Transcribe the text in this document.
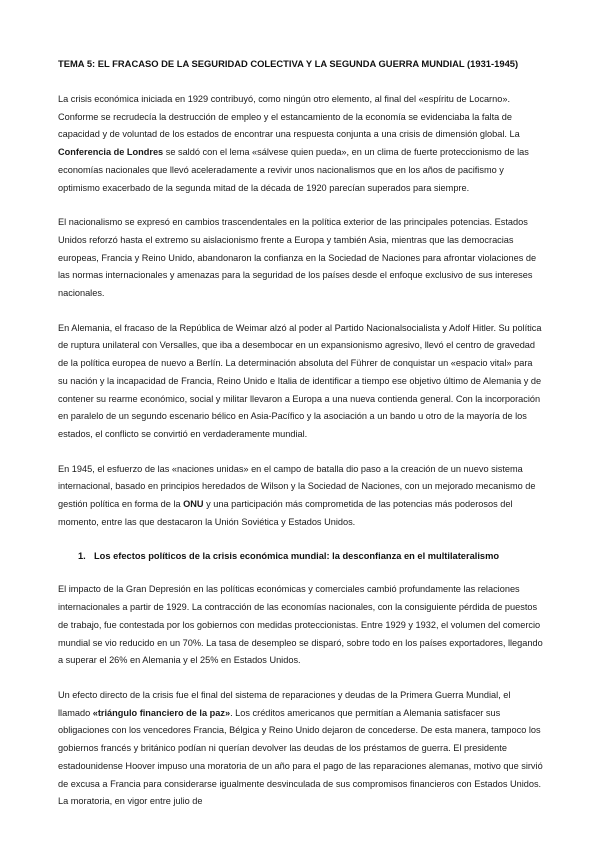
TEMA 5: EL FRACASO DE LA SEGURIDAD COLECTIVA Y LA SEGUNDA GUERRA MUNDIAL (1931-1945)

La crisis económica iniciada en 1929 contribuyó, como ningún otro elemento, al final del «espíritu de Locarno». Conforme se recrudecía la destrucción de empleo y el estancamiento de la economía se evidenciaba la falta de capacidad y de voluntad de los estados de encontrar una respuesta conjunta a una crisis de dimensión global. La Conferencia de Londres se saldó con el lema «sálvese quien pueda», en un clima de fuerte proteccionismo de las economías nacionales que llevó aceleradamente a revivir unos nacionalismos que en los años de pacifismo y optimismo exacerbado de la segunda mitad de la década de 1920 parecían superados para siempre.

El nacionalismo se expresó en cambios trascendentales en la política exterior de las principales potencias. Estados Unidos reforzó hasta el extremo su aislacionismo frente a Europa y también Asia, mientras que las democracias europeas, Francia y Reino Unido, abandonaron la confianza en la Sociedad de Naciones para afrontar violaciones de las normas internacionales y amenazas para la seguridad de los países desde el enfoque exclusivo de sus intereses nacionales.

En Alemania, el fracaso de la República de Weimar alzó al poder al Partido Nacionalsocialista y Adolf Hitler. Su política de ruptura unilateral con Versalles, que iba a desembocar en un expansionismo agresivo, llevó el centro de gravedad de la política europea de nuevo a Berlín. La determinación absoluta del Führer de conquistar un «espacio vital» para su nación y la incapacidad de Francia, Reino Unido e Italia de identificar a tiempo ese objetivo último de Alemania y de contener su rearme económico, social y militar llevaron a Europa a una nueva contienda general. Con la incorporación en paralelo de un segundo escenario bélico en Asia-Pacífico y la asociación a un bando u otro de la mayoría de los estados, el conflicto se convirtió en verdaderamente mundial.

En 1945, el esfuerzo de las «naciones unidas» en el campo de batalla dio paso a la creación de un nuevo sistema internacional, basado en principios heredados de Wilson y la Sociedad de Naciones, con un mejorado mecanismo de gestión política en forma de la ONU y una participación más comprometida de las potencias más poderosos del momento, entre las que destacaron la Unión Soviética y Estados Unidos.

1. Los efectos políticos de la crisis económica mundial: la desconfianza en el multilateralismo

El impacto de la Gran Depresión en las políticas económicas y comerciales cambió profundamente las relaciones internacionales a partir de 1929. La contracción de las economías nacionales, con la consiguiente pérdida de puestos de trabajo, fue contestada por los gobiernos con medidas proteccionistas. Entre 1929 y 1932, el volumen del comercio mundial se vio reducido en un 70%. La tasa de desempleo se disparó, sobre todo en los países exportadores, llegando a superar el 26% en Alemania y el 25% en Estados Unidos.

Un efecto directo de la crisis fue el final del sistema de reparaciones y deudas de la Primera Guerra Mundial, el llamado «triángulo financiero de la paz». Los créditos americanos que permitían a Alemania satisfacer sus obligaciones con los vencedores Francia, Bélgica y Reino Unido dejaron de concederse. De esta manera, tampoco los gobiernos francés y británico podían ni querían devolver las deudas de los préstamos de guerra. El presidente estadounidense Hoover impuso una moratoria de un año para el pago de las reparaciones alemanas, motivo que sirvió de excusa a Francia para considerarse igualmente desvinculada de sus compromisos financieros con Estados Unidos. La moratoria, en vigor entre julio de
